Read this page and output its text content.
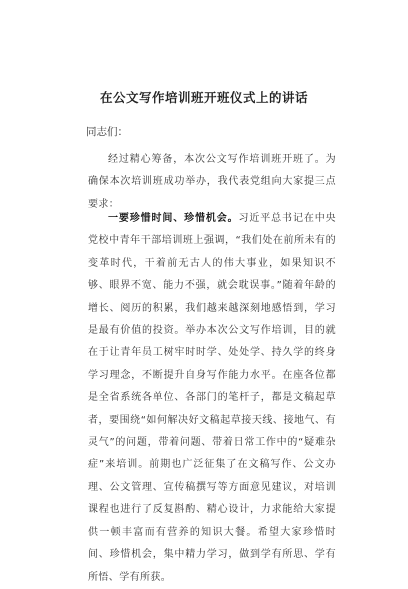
在公文写作培训班开班仪式上的讲话
同志们：

经过精心筹备，本次公文写作培训班开班了。为确保本次培训班成功举办，我代表党组向大家提三点要求：

一要珍惜时间、珍惜机会。习近平总书记在中央党校中青年干部培训班上强调，“我们处在前所未有的变革时代，干着前无古人的伟大事业，如果知识不够、眼界不宽、能力不强，就会耽误事。”随着年龄的增长、阅历的积累，我们越来越深刻地感悟到，学习是最有价值的投资。举办本次公文写作培训，目的就在于让青年员工树牢时时学、处处学、持久学的终身学习理念，不断提升自身写作能力水平。在座各位都是全省系统各单位、各部门的笔杆子，都是文稿起草者，要围绕“如何解决好文稿起草接天线、接地气、有灵气”的问题，带着问题、带着日常工作中的“疑难杂症”来培训。前期也广泛征集了在文稿写作、公文办理、公文管理、宣传稿撰写等方面意见建议，对培训课程也进行了反复斟酌、精心设计，力求能给大家提供一顿丰富而有营养的知识大餐。希望大家珍惜时间、珍惜机会，集中精力学习，做到学有所思、学有所悟、学有所获。
